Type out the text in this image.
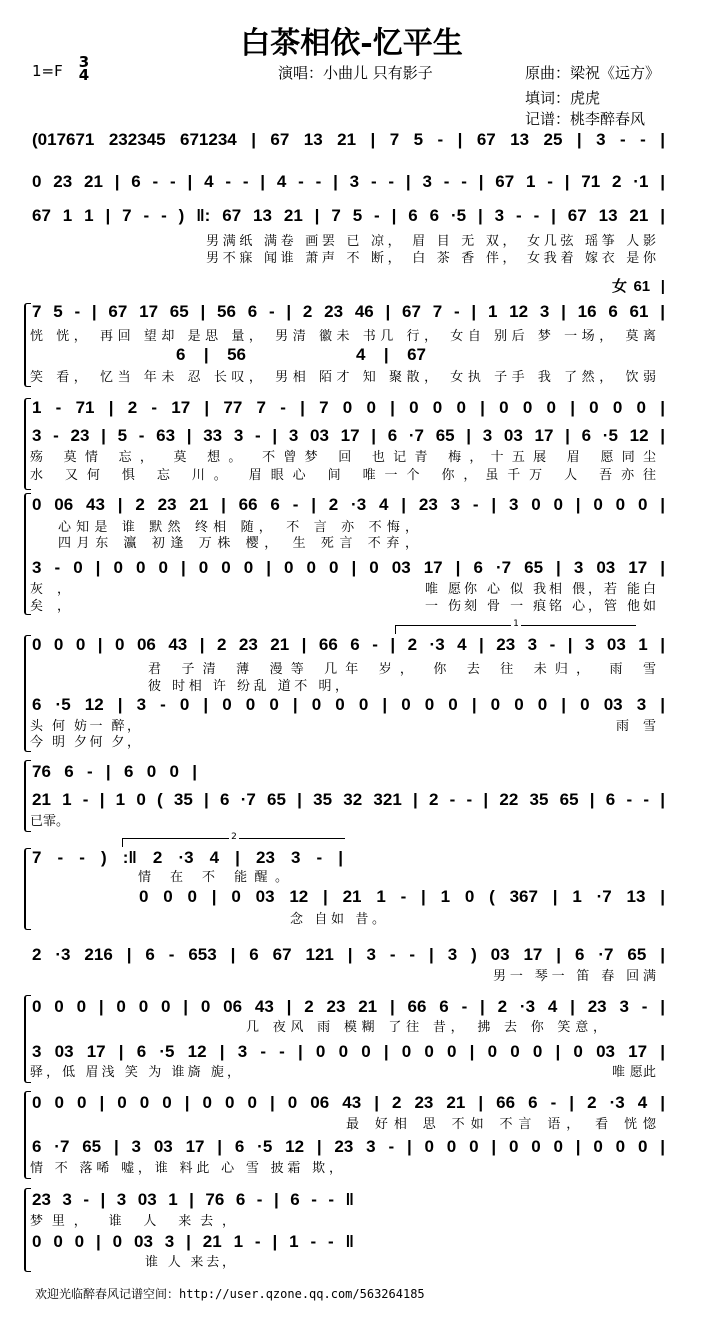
白茶相依-忆平生
1=F 3
4	演唱：小曲儿 只有影子	原曲：梁祝《远方》
填词：虎虎
记谱：桃李醉春风
1
2
(017671 232345 671234 | 67 13 21 | 7 5 - | 67 13 25 | 3 - - |
0 23 21 | 6 - - | 4 - - | 4 - - | 3 - - | 3 - - | 67 1 - | 71 2 ·1 |
67 1 1 | 7 - - ) ‖: 67 13 21 | 7 5 - | 6 6 ·5 | 3 - - | 67 13 21 |
女61 |
7 5 - | 67 17 65 | 56 6 - | 2 23 46 | 67 7 - | 1 12 3 | 16 6 61 |
6 | 56	4 | 67
1 - 71 | 2 - 17 | 77 7 - | 7 0 0 | 0 0 0 | 0 0 0 | 0 0 0 |
3 - 23 | 5 - 63 | 33 3 - | 3 03 17 | 6 ·7 65 | 3 03 17 | 6 ·5 12 |
0 06 43 | 2 23 21 | 66 6 - | 2 ·3 4 | 23 3 - | 3 0 0 | 0 0 0 |
3 - 0 | 0 0 0 | 0 0 0 | 0 0 0 | 0 03 17 | 6 ·7 65 | 3 03 17 |
0 0 0 | 0 06 43 | 2 23 21 | 66 6 - | 2 ·3 4 | 23 3 - | 3 03 1 |
6 ·5 12 | 3 - 0 | 0 0 0 | 0 0 0 | 0 0 0 | 0 0 0 | 0 03 3 |
76 6 - | 6 0 0 |
21 1 - | 1 0 ( 35 | 6 ·7 65 | 35 32 321 | 2 - - | 22 35 65 | 6 - - |
7 - - ) :‖ 2 ·3 4 | 23 3 - |
0 0 0 | 0 03 12 | 21 1 - | 1 0 ( 367 | 1 ·7 13 |
2 ·3 216 | 6 - 653 | 6 67 121 | 3 - - | 3 ) 03 17 | 6 ·7 65 |
0 0 0 | 0 0 0 | 0 06 43 | 2 23 21 | 66 6 - | 2 ·3 4 | 23 3 - |
3 03 17 | 6 ·5 12 | 3 - - | 0 0 0 | 0 0 0 | 0 0 0 | 0 03 17 |
0 0 0 | 0 0 0 | 0 0 0 | 0 06 43 | 2 23 21 | 66 6 - | 2 ·3 4 |
6 ·7 65 | 3 03 17 | 6 ·5 12 | 23 3 - | 0 0 0 | 0 0 0 | 0 0 0 |
23 3 - | 3 03 1 | 76 6 - | 6 - - ‖
0 0 0 | 0 03 3 | 21 1 - | 1 - - ‖
男满纸 满卷 画罢 已 凉， 眉 目 无 双， 女几弦 瑶筝 人影
男不寐 闻谁 萧声 不 断， 白 茶 香 伴， 女我着 嫁衣 是你
恍 恍， 再回 望却 是思 量， 男清 徽未 书几 行， 女自 别后 梦 一场， 莫离
笑 看， 忆当 年未 忍 长叹， 男相 陌才 知 聚散， 女执 子手 我 了然， 饮弱
殇 莫情 忘， 莫 想。 不曾梦 回 也记青 梅，十五展 眉 愿同尘
水 又何 惧 忘 川。 眉眼心 间 唯一个 你，虽千万 人 吾亦往
心知是 谁 默然 终相 随， 不 言 亦 不悔，
四月东 瀛 初逢 万株 樱， 生 死言 不弃，
灰，	唯 愿你 心 似 我相 偎，若 能白
矣，	一 伤刻 骨 一 痕铭 心，管 他如
君 子清 薄 漫等 几年 岁， 你 去 往 未归， 雨 雪
彼 时相 许 纷乱 道不 明，
头 何 妨一 醉，	雨 雪
今 明 夕何 夕，
已霏。
情 在 不 能醒。
念 自如 昔。
男一 琴一 笛 春 回满
几 夜风 雨 模糊 了往 昔， 拂 去 你 笑意，
驿，低 眉浅 笑 为 谁旖 旎，	唯 愿此
最 好相 思 不如 不言 语， 看 恍惚
情 不 落唏 嘘，谁 料此 心 雪 披霜 欺，
梦里， 谁 人 来去，
谁 人 来去，
欢迎光临醉春风记谱空间：http://user.qzone.qq.com/563264185
